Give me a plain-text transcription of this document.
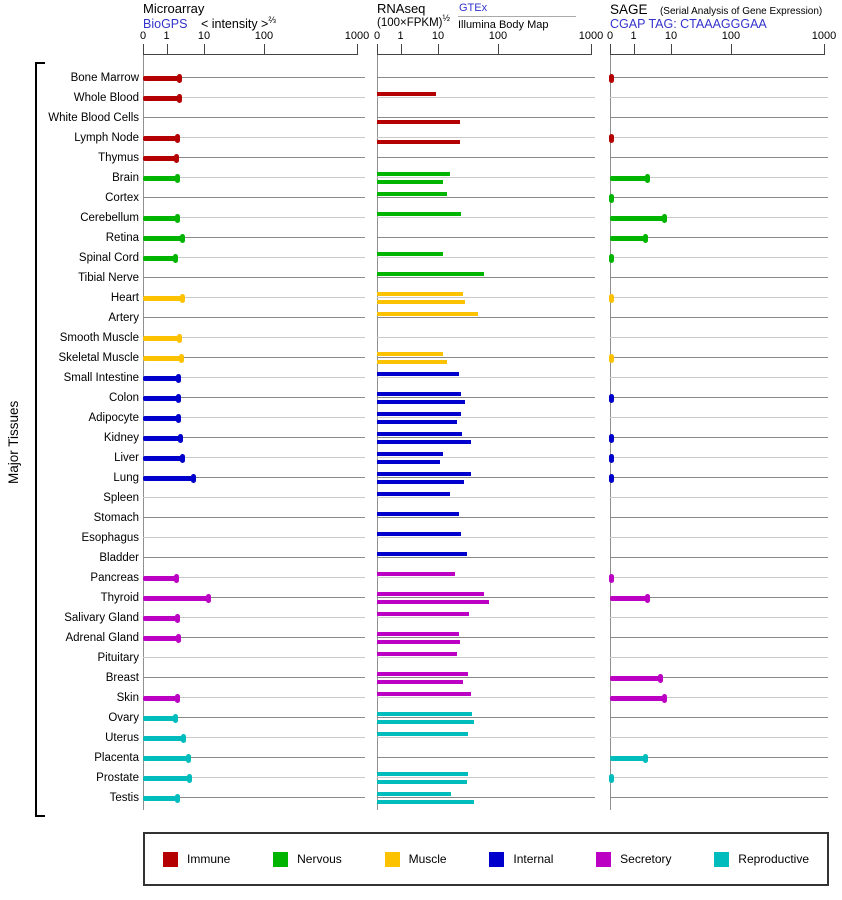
Microarray
BioGPS < intensity >$^{\frac{2}{3}}$
RNAseq
(100×FPKM)$^{\frac{1}{2}}$
GTEx
Illumina Body Map
SAGE (Serial Analysis of Gene Expression)
CGAP TAG: CTAAAGGGAA
Major Tissues
Immune	Nervous	Muscle	Internal	Secretory	Reproductive
0	1	10	100	1000 0	1	10	100	1000 0	1	10	100	1000
Bone Marrow
Whole Blood
White Blood Cells
Lymph Node
Thymus
Brain
Cortex
Cerebellum
Retina
Spinal Cord
Tibial Nerve
Heart
Artery
Smooth Muscle
Skeletal Muscle
Small Intestine
Colon
Adipocyte
Kidney
Liver
Lung
Spleen
Stomach
Esophagus
Bladder
Pancreas
Thyroid
Salivary Gland
Adrenal Gland
Pituitary
Breast
Skin
Ovary
Uterus
Placenta
Prostate
Testis
